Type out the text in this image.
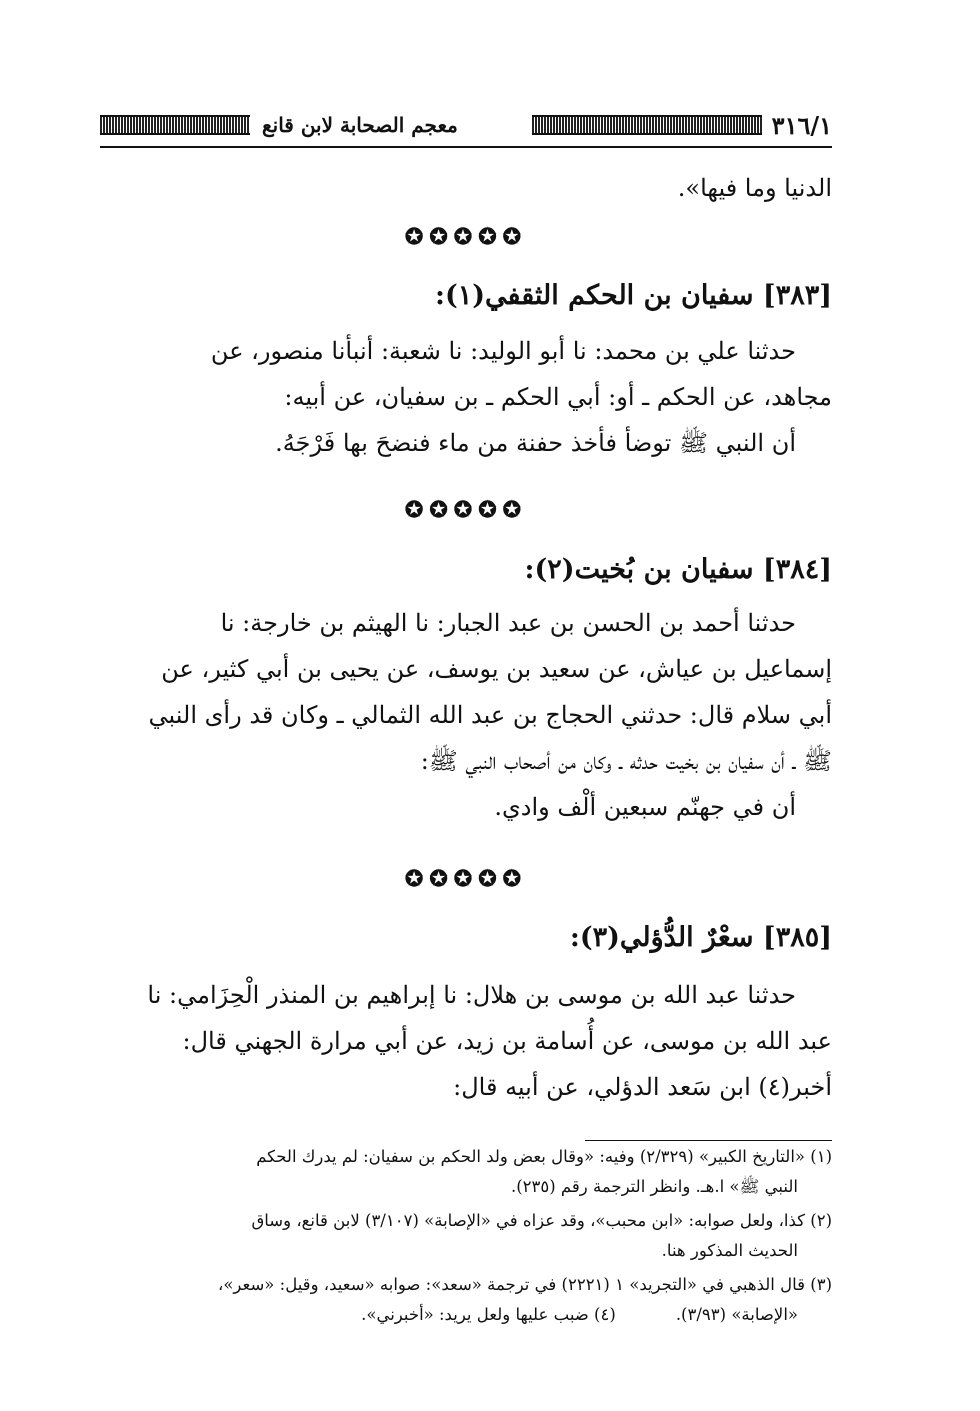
معجم الصحابة لابن قانع	٣١٦/١
الدنيا وما فيها».
✪✪✪✪✪
[٣٨٣] سفيان بن الحكم الثقفي(١):
حدثنا علي بن محمد: نا أبو الوليد: نا شعبة: أنبأنا منصور، عن
مجاهد، عن الحكم ـ أو: أبي الحكم ـ بن سفيان، عن أبيه:
أن النبي ﷺ توضأ فأخذ حفنة من ماء فنضحَ بها فَرْجَهُ.
✪✪✪✪✪
[٣٨٤] سفيان بن بُخيت(٢):
حدثنا أحمد بن الحسن بن عبد الجبار: نا الهيثم بن خارجة: نا
إسماعيل بن عياش، عن سعيد بن يوسف، عن يحيى بن أبي كثير، عن
أبي سلام قال: حدثني الحجاج بن عبد الله الثمالي ـ وكان قد رأى النبي
ﷺ ـ أن سفيان بن بخيت حدثه ـ وكان من أصحاب النبي ﷺ:
أن في جهنّم سبعين ألْف وادي.
✪✪✪✪✪
[٣٨٥] سعْرٌ الدُّؤلي(٣):
حدثنا عبد الله بن موسى بن هلال: نا إبراهيم بن المنذر الْحِزَامي: نا
عبد الله بن موسى، عن أُسامة بن زيد، عن أبي مرارة الجهني قال:
أخبر(٤) ابن سَعد الدؤلي، عن أبيه قال:
(١) «التاريخ الكبير» (٢/٣٢٩) وفيه: «وقال بعض ولد الحكم بن سفيان: لم يدرك الحكم
النبي ﷺ» ا.هـ. وانظر الترجمة رقم (٢٣٥).
(٢) كذا، ولعل صوابه: «ابن محبب»، وقد عزاه في «الإصابة» (٣/١٠٧) لابن قانع، وساق
الحديث المذكور هنا.
(٣) قال الذهبي في «التجريد» ١ (٢٢٢١) في ترجمة «سعد»: صوابه «سعيد، وقيل: «سعر»،
«الإصابة» (٣/٩٣).
(٤) ضبب عليها ولعل يريد: «أخبرني».
